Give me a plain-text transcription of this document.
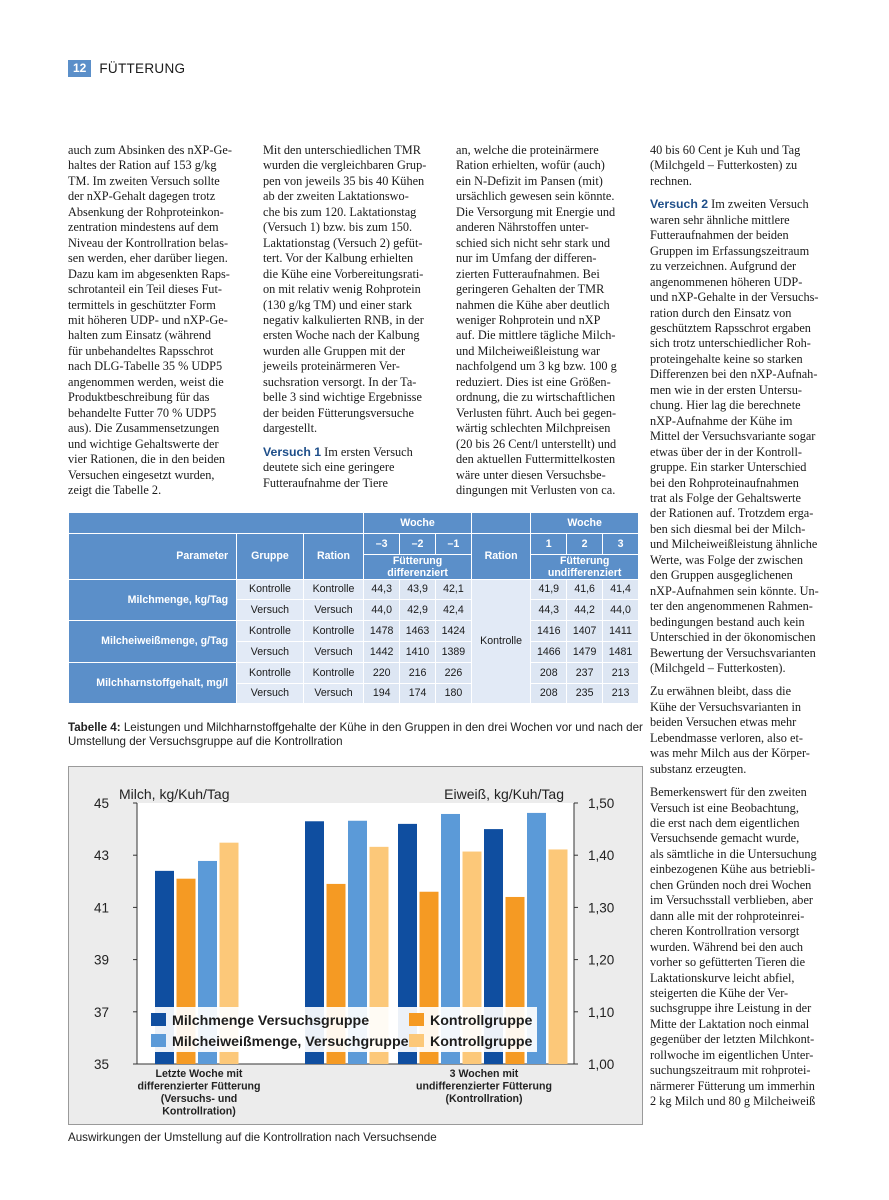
12 FÜTTERUNG

auch zum Absinken des nXP-Ge-
haltes der Ration auf 153 g/kg
TM. Im zweiten Versuch sollte
der nXP-Gehalt dagegen trotz
Absenkung der Rohproteinkon-
zentration mindestens auf dem
Niveau der Kontrollration belas-
sen werden, eher darüber liegen.
Dazu kam im abgesenkten Raps-
schrotanteil ein Teil dieses Fut-
termittels in geschützter Form
mit höheren UDP- und nXP-Ge-
halten zum Einsatz (während
für unbehandeltes Rapsschrot
nach DLG-Tabelle 35 % UDP5
angenommen werden, weist die
Produktbeschreibung für das
behandelte Futter 70 % UDP5
aus). Die Zusammensetzungen
und wichtige Gehaltswerte der
vier Rationen, die in den beiden
Versuchen eingesetzt wurden,
zeigt die Tabelle 2.

Mit den unterschiedlichen TMR
wurden die vergleichbaren Grup-
pen von jeweils 35 bis 40 Kühen
ab der zweiten Laktationswo-
che bis zum 120. Laktationstag
(Versuch 1) bzw. bis zum 150.
Laktationstag (Versuch 2) gefüt-
tert. Vor der Kalbung erhielten
die Kühe eine Vorbereitungsrati-
on mit relativ wenig Rohprotein
(130 g/kg TM) und einer stark
negativ kalkulierten RNB, in der
ersten Woche nach der Kalbung
wurden alle Gruppen mit der
jeweils proteinärmeren Ver-
suchsration versorgt. In der Ta-
belle 3 sind wichtige Ergebnisse
der beiden Fütterungsversuche
dargestellt.

Versuch 1 Im ersten Versuch
deutete sich eine geringere
Futteraufnahme der Tiere

an, welche die proteinärmere
Ration erhielten, wofür (auch)
ein N-Defizit im Pansen (mit)
ursächlich gewesen sein könnte.
Die Versorgung mit Energie und
anderen Nährstoffen unter-
schied sich nicht sehr stark und
nur im Umfang der differen-
zierten Futteraufnahmen. Bei
geringeren Gehalten der TMR
nahmen die Kühe aber deutlich
weniger Rohprotein und nXP
auf. Die mittlere tägliche Milch-
und Milcheiweißleistung war
nachfolgend um 3 kg bzw. 100 g
reduziert. Dies ist eine Größen-
ordnung, die zu wirtschaftlichen
Verlusten führt. Auch bei gegen-
wärtig schlechten Milchpreisen
(20 bis 26 Cent/l unterstellt) und
den aktuellen Futtermittelkosten
wäre unter diesen Versuchsbe-
dingungen mit Verlusten von ca.

40 bis 60 Cent je Kuh und Tag
(Milchgeld – Futterkosten) zu
rechnen.

Versuch 2 Im zweiten Versuch
waren sehr ähnliche mittlere
Futteraufnahmen der beiden
Gruppen im Erfassungszeitraum
zu verzeichnen. Aufgrund der
angenommenen höheren UDP-
und nXP-Gehalte in der Versuchs-
ration durch den Einsatz von
geschütztem Rapsschrot ergaben
sich trotz unterschiedlicher Roh-
proteingehalte keine so starken
Differenzen bei den nXP-Aufnah-
men wie in der ersten Untersu-
chung. Hier lag die berechnete
nXP-Aufnahme der Kühe im
Mittel der Versuchsvariante sogar
etwas über der in der Kontroll-
gruppe. Ein starker Unterschied
bei den Rohproteinaufnahmen
trat als Folge der Gehaltswerte
der Rationen auf. Trotzdem erga-
ben sich diesmal bei der Milch-
und Milcheiweißleistung ähnliche
Werte, was Folge der zwischen
den Gruppen ausgeglichenen
nXP-Aufnahmen sein könnte. Un-
ter den angenommenen Rahmen-
bedingungen bestand auch kein
Unterschied in der ökonomischen
Bewertung der Versuchsvarianten
(Milchgeld – Futterkosten).

Zu erwähnen bleibt, dass die
Kühe der Versuchsvarianten in
beiden Versuchen etwas mehr
Lebendmasse verloren, also et-
was mehr Milch aus der Körper-
substanz erzeugten.

Bemerkenswert für den zweiten
Versuch ist eine Beobachtung,
die erst nach dem eigentlichen
Versuchsende gemacht wurde,
als sämtliche in die Untersuchung
einbezogenen Kühe aus betriebli-
chen Gründen noch drei Wochen
im Versuchsstall verblieben, aber
dann alle mit der rohproteinrei-
cheren Kontrollration versorgt
wurden. Während bei den auch
vorher so gefütterten Tieren die
Laktationskurve leicht abfiel,
steigerten die Kühe der Ver-
suchsgruppe ihre Leistung in der
Mitte der Laktation noch einmal
gegenüber der letzten Milchkont-
rollwoche im eigentlichen Unter-
suchungszeitraum mit rohprotei-
närmerer Fütterung um immerhin
2 kg Milch und 80 g Milcheiweiß

			Woche				Woche		
Parameter	Gruppe	Ration	–3	–2	–1	Ration	1	2	3
			Fütterung differenziert				Fütterung undifferenziert		

Milchmenge, kg/Tag	Kontrolle	Kontrolle	44,3	43,9	42,1	Kontrolle	41,9	41,6	41,4
	Versuch	Versuch	44,0	42,9	42,4		44,3	44,2	44,0
Milcheiweißmenge, g/Tag	Kontrolle	Kontrolle	1478	1463	1424		1416	1407	1411
	Versuch	Versuch	1442	1410	1389		1466	1479	1481
Milchharnstoffgehalt, mg/l	Kontrolle	Kontrolle	220	216	226		208	237	213
	Versuch	Versuch	194	174	180		208	235	213
Tabelle 4: Leistungen und Milchharnstoffgehalte der Kühe in den Gruppen in den drei Wochen vor und nach der Umstellung der Versuchsgruppe auf die Kontrollration
35
37
39
41
43
45
1,00
1,10
1,20
1,30
1,40
1,50
Milch, kg/Kuh/Tag	Eiweiß, kg/Kuh/Tag
Milchmenge Versuchsgruppe	Kontrollgruppe
Milcheiweißmenge, Versuchgruppe Kontrollgruppe
Letzte Woche mit differenzierter Fütterung (Versuchs- und Kontrollration)
3 Wochen mit undifferenzierter Fütterung (Kontrollration)
Auswirkungen der Umstellung auf die Kontrollration nach Versuchsende
